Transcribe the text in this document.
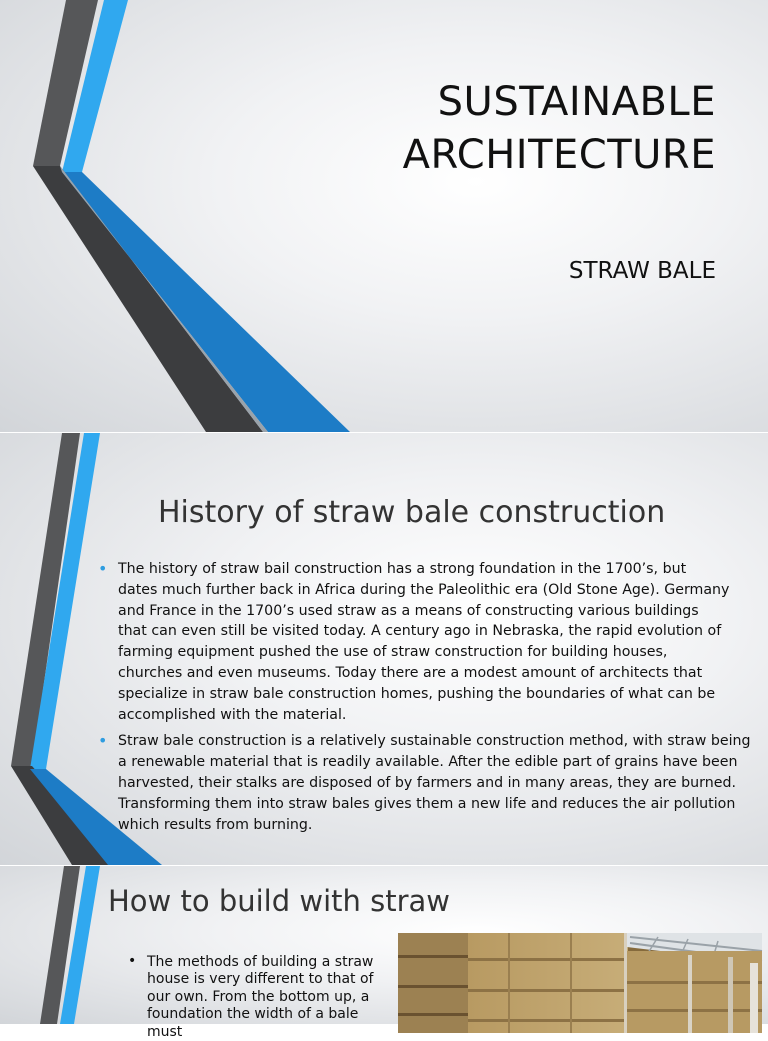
SUSTAINABLE
ARCHITECTURE
STRAW BALE
History of straw bale construction
• The history of straw bail construction has a strong foundation in the 1700’s, but dates much further back in Africa during the Paleolithic era (Old Stone Age). Germany and France in the 1700’s used straw as a means of constructing various buildings that can even still be visited today. A century ago in Nebraska, the rapid evolution of farming equipment pushed the use of straw construction for building houses, churches and even museums. Today there are a modest amount of architects that specialize in straw bale construction homes, pushing the boundaries of what can be accomplished with the material.
• Straw bale construction is a relatively sustainable construction method, with straw being a renewable material that is readily available. After the edible part of grains have been harvested, their stalks are disposed of by farmers and in many areas, they are burned. Transforming them into straw bales gives them a new life and reduces the air pollution which results from burning.
How to build with straw
• The methods of building a straw house is very different to that of our own. From the bottom up, a foundation the width of a bale must
